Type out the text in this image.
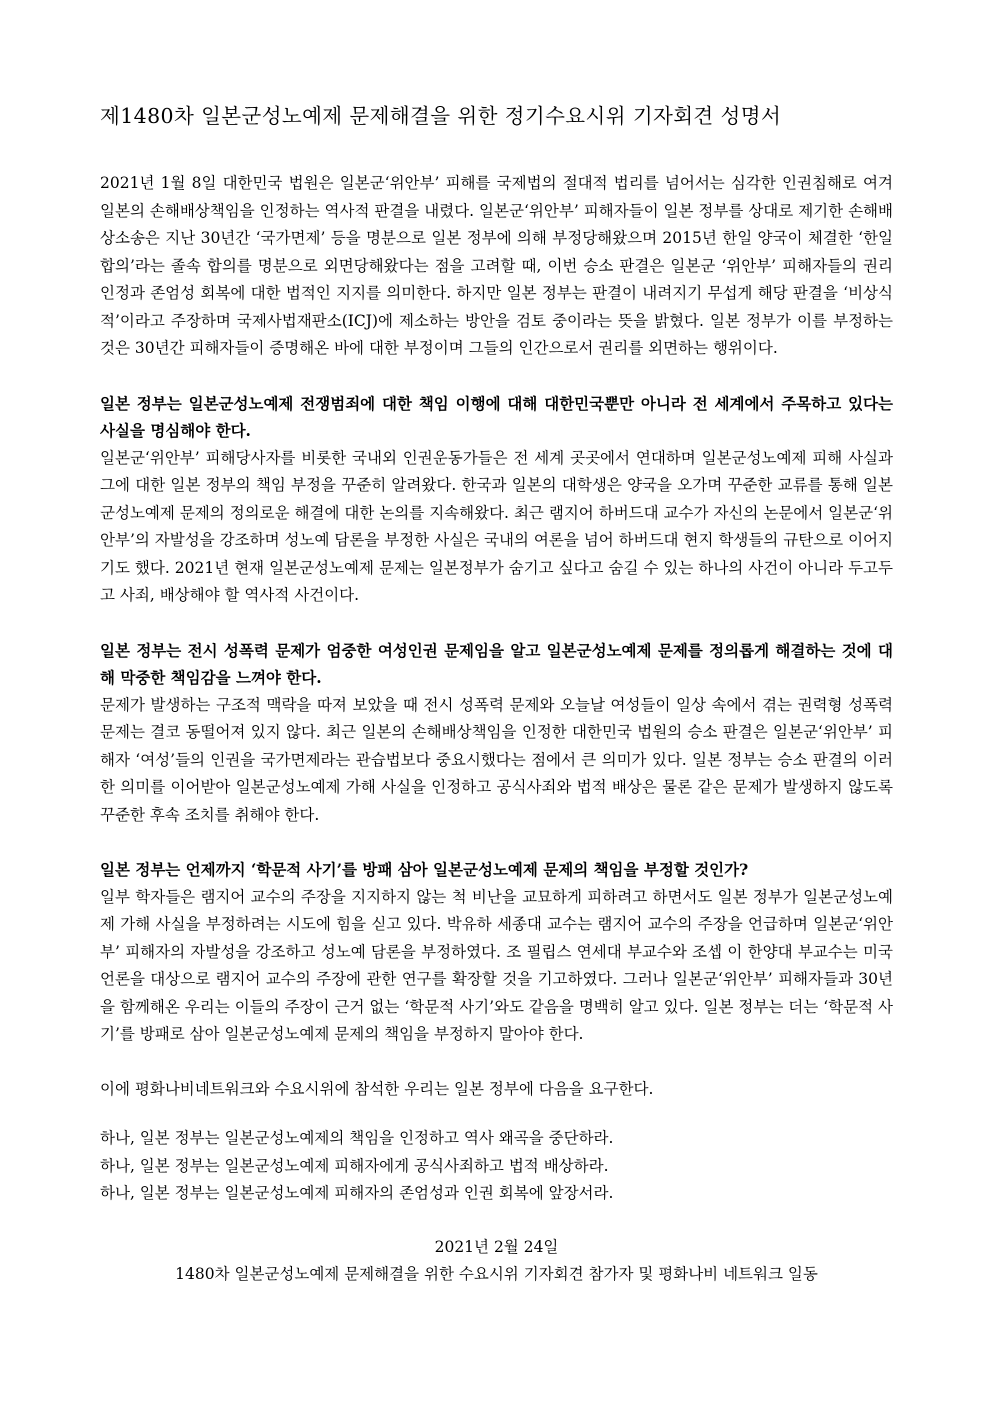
제1480차 일본군성노예제 문제해결을 위한 정기수요시위 기자회견 성명서

2021년 1월 8일 대한민국 법원은 일본군‘위안부’ 피해를 국제법의 절대적 법리를 넘어서는 심각한 인권침해로 여겨 일본의 손해배상책임을 인정하는 역사적 판결을 내렸다. 일본군‘위안부’ 피해자들이 일본 정부를 상대로 제기한 손해배상소송은 지난 30년간 ‘국가면제’ 등을 명분으로 일본 정부에 의해 부정당해왔으며 2015년 한일 양국이 체결한 ‘한일합의’라는 졸속 합의를 명분으로 외면당해왔다는 점을 고려할 때, 이번 승소 판결은 일본군 ‘위안부’ 피해자들의 권리 인정과 존엄성 회복에 대한 법적인 지지를 의미한다. 하지만 일본 정부는 판결이 내려지기 무섭게 해당 판결을 ‘비상식적’이라고 주장하며 국제사법재판소(ICJ)에 제소하는 방안을 검토 중이라는 뜻을 밝혔다. 일본 정부가 이를 부정하는 것은 30년간 피해자들이 증명해온 바에 대한 부정이며 그들의 인간으로서 권리를 외면하는 행위이다.

일본 정부는 일본군성노예제 전쟁범죄에 대한 책임 이행에 대해 대한민국뿐만 아니라 전 세계에서 주목하고 있다는 사실을 명심해야 한다.

일본군‘위안부’ 피해당사자를 비롯한 국내외 인권운동가들은 전 세계 곳곳에서 연대하며 일본군성노예제 피해 사실과 그에 대한 일본 정부의 책임 부정을 꾸준히 알려왔다. 한국과 일본의 대학생은 양국을 오가며 꾸준한 교류를 통해 일본군성노예제 문제의 정의로운 해결에 대한 논의를 지속해왔다. 최근 램지어 하버드대 교수가 자신의 논문에서 일본군‘위안부’의 자발성을 강조하며 성노예 담론을 부정한 사실은 국내의 여론을 넘어 하버드대 현지 학생들의 규탄으로 이어지기도 했다. 2021년 현재 일본군성노예제 문제는 일본정부가 숨기고 싶다고 숨길 수 있는 하나의 사건이 아니라 두고두고 사죄, 배상해야 할 역사적 사건이다.

일본 정부는 전시 성폭력 문제가 엄중한 여성인권 문제임을 알고 일본군성노예제 문제를 정의롭게 해결하는 것에 대해 막중한 책임감을 느껴야 한다.

문제가 발생하는 구조적 맥락을 따져 보았을 때 전시 성폭력 문제와 오늘날 여성들이 일상 속에서 겪는 권력형 성폭력 문제는 결코 동떨어져 있지 않다. 최근 일본의 손해배상책임을 인정한 대한민국 법원의 승소 판결은 일본군‘위안부’ 피해자 ‘여성’들의 인권을 국가면제라는 관습법보다 중요시했다는 점에서 큰 의미가 있다. 일본 정부는 승소 판결의 이러한 의미를 이어받아 일본군성노예제 가해 사실을 인정하고 공식사죄와 법적 배상은 물론 같은 문제가 발생하지 않도록 꾸준한 후속 조치를 취해야 한다.

일본 정부는 언제까지 ‘학문적 사기’를 방패 삼아 일본군성노예제 문제의 책임을 부정할 것인가?

일부 학자들은 램지어 교수의 주장을 지지하지 않는 척 비난을 교묘하게 피하려고 하면서도 일본 정부가 일본군성노예제 가해 사실을 부정하려는 시도에 힘을 싣고 있다. 박유하 세종대 교수는 램지어 교수의 주장을 언급하며 일본군‘위안부’ 피해자의 자발성을 강조하고 성노예 담론을 부정하였다. 조 필립스 연세대 부교수와 조셉 이 한양대 부교수는 미국 언론을 대상으로 램지어 교수의 주장에 관한 연구를 확장할 것을 기고하였다. 그러나 일본군‘위안부’ 피해자들과 30년을 함께해온 우리는 이들의 주장이 근거 없는 ‘학문적 사기’와도 같음을 명백히 알고 있다. 일본 정부는 더는 ‘학문적 사기’를 방패로 삼아 일본군성노예제 문제의 책임을 부정하지 말아야 한다.

이에 평화나비네트워크와 수요시위에 참석한 우리는 일본 정부에 다음을 요구한다.

하나, 일본 정부는 일본군성노예제의 책임을 인정하고 역사 왜곡을 중단하라.

하나, 일본 정부는 일본군성노예제 피해자에게 공식사죄하고 법적 배상하라.

하나, 일본 정부는 일본군성노예제 피해자의 존엄성과 인권 회복에 앞장서라.

2021년 2월 24일

1480차 일본군성노예제 문제해결을 위한 수요시위 기자회견 참가자 및 평화나비 네트워크 일동
